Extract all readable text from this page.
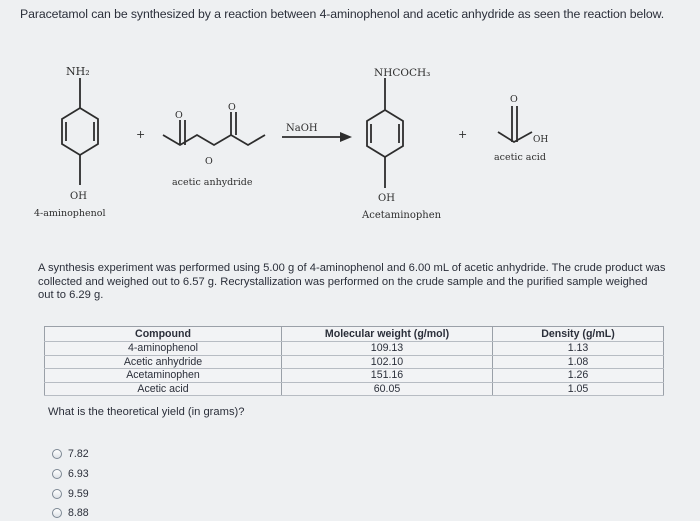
Paracetamol can be synthesized by a reaction between 4-aminophenol and acetic anhydride as seen the reaction below.
NH₂
OH
4-aminophenol
+
O
O
O
acetic anhydride
NaOH
NHCOCH₃
OH
Acetaminophen
+
O
OH
acetic acid
A synthesis experiment was performed using 5.00 g of 4-aminophenol and 6.00 mL of acetic anhydride. The crude product was collected and weighed out to 6.57 g. Recrystallization was performed on the crude sample and the purified sample weighed out to 6.29 g.
Compound	Molecular weight (g/mol)	Density (g/mL)
4-aminophenol	109.13	1.13
Acetic anhydride	102.10	1.08
Acetaminophen	151.16	1.26
Acetic acid	60.05	1.05
What is the theoretical yield (in grams)?
7.82
6.93
9.59
8.88
